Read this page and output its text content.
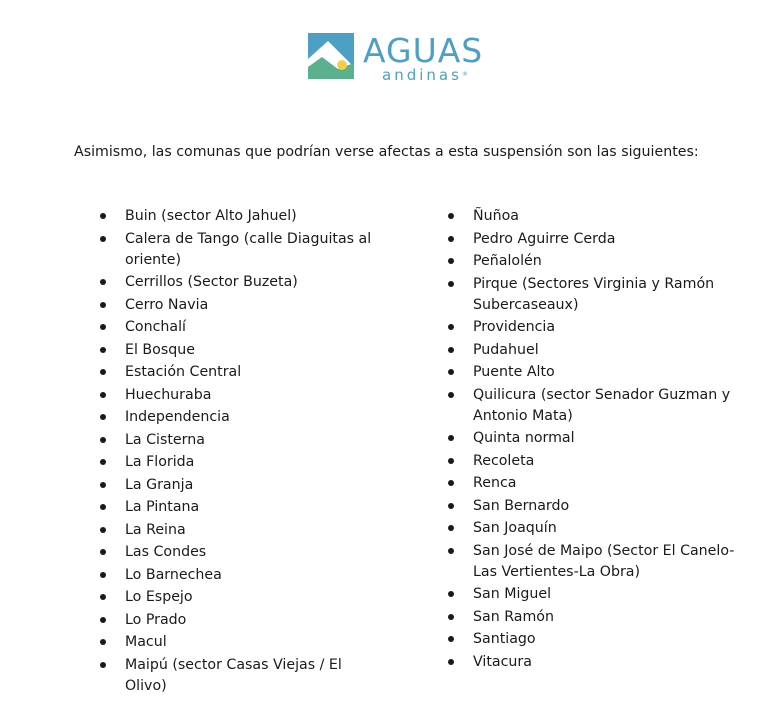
AGUAS
andinas®

Asimismo, las comunas que podrían verse afectas a esta suspensión son las siguientes:

Buin (sector Alto Jahuel)
Calera de Tango (calle Diaguitas al oriente)
Cerrillos (Sector Buzeta)
Cerro Navia
Conchalí
El Bosque
Estación Central
Huechuraba
Independencia
La Cisterna
La Florida
La Granja
La Pintana
La Reina
Las Condes
Lo Barnechea
Lo Espejo
Lo Prado
Macul
Maipú (sector Casas Viejas / El Olivo)
Ñuñoa
Pedro Aguirre Cerda
Peñalolén
Pirque (Sectores Virginia y Ramón Subercaseaux)
Providencia
Pudahuel
Puente Alto
Quilicura (sector Senador Guzman y Antonio Mata)
Quinta normal
Recoleta
Renca
San Bernardo
San Joaquín
San José de Maipo (Sector El Canelo-Las Vertientes-La Obra)
San Miguel
San Ramón
Santiago
Vitacura
